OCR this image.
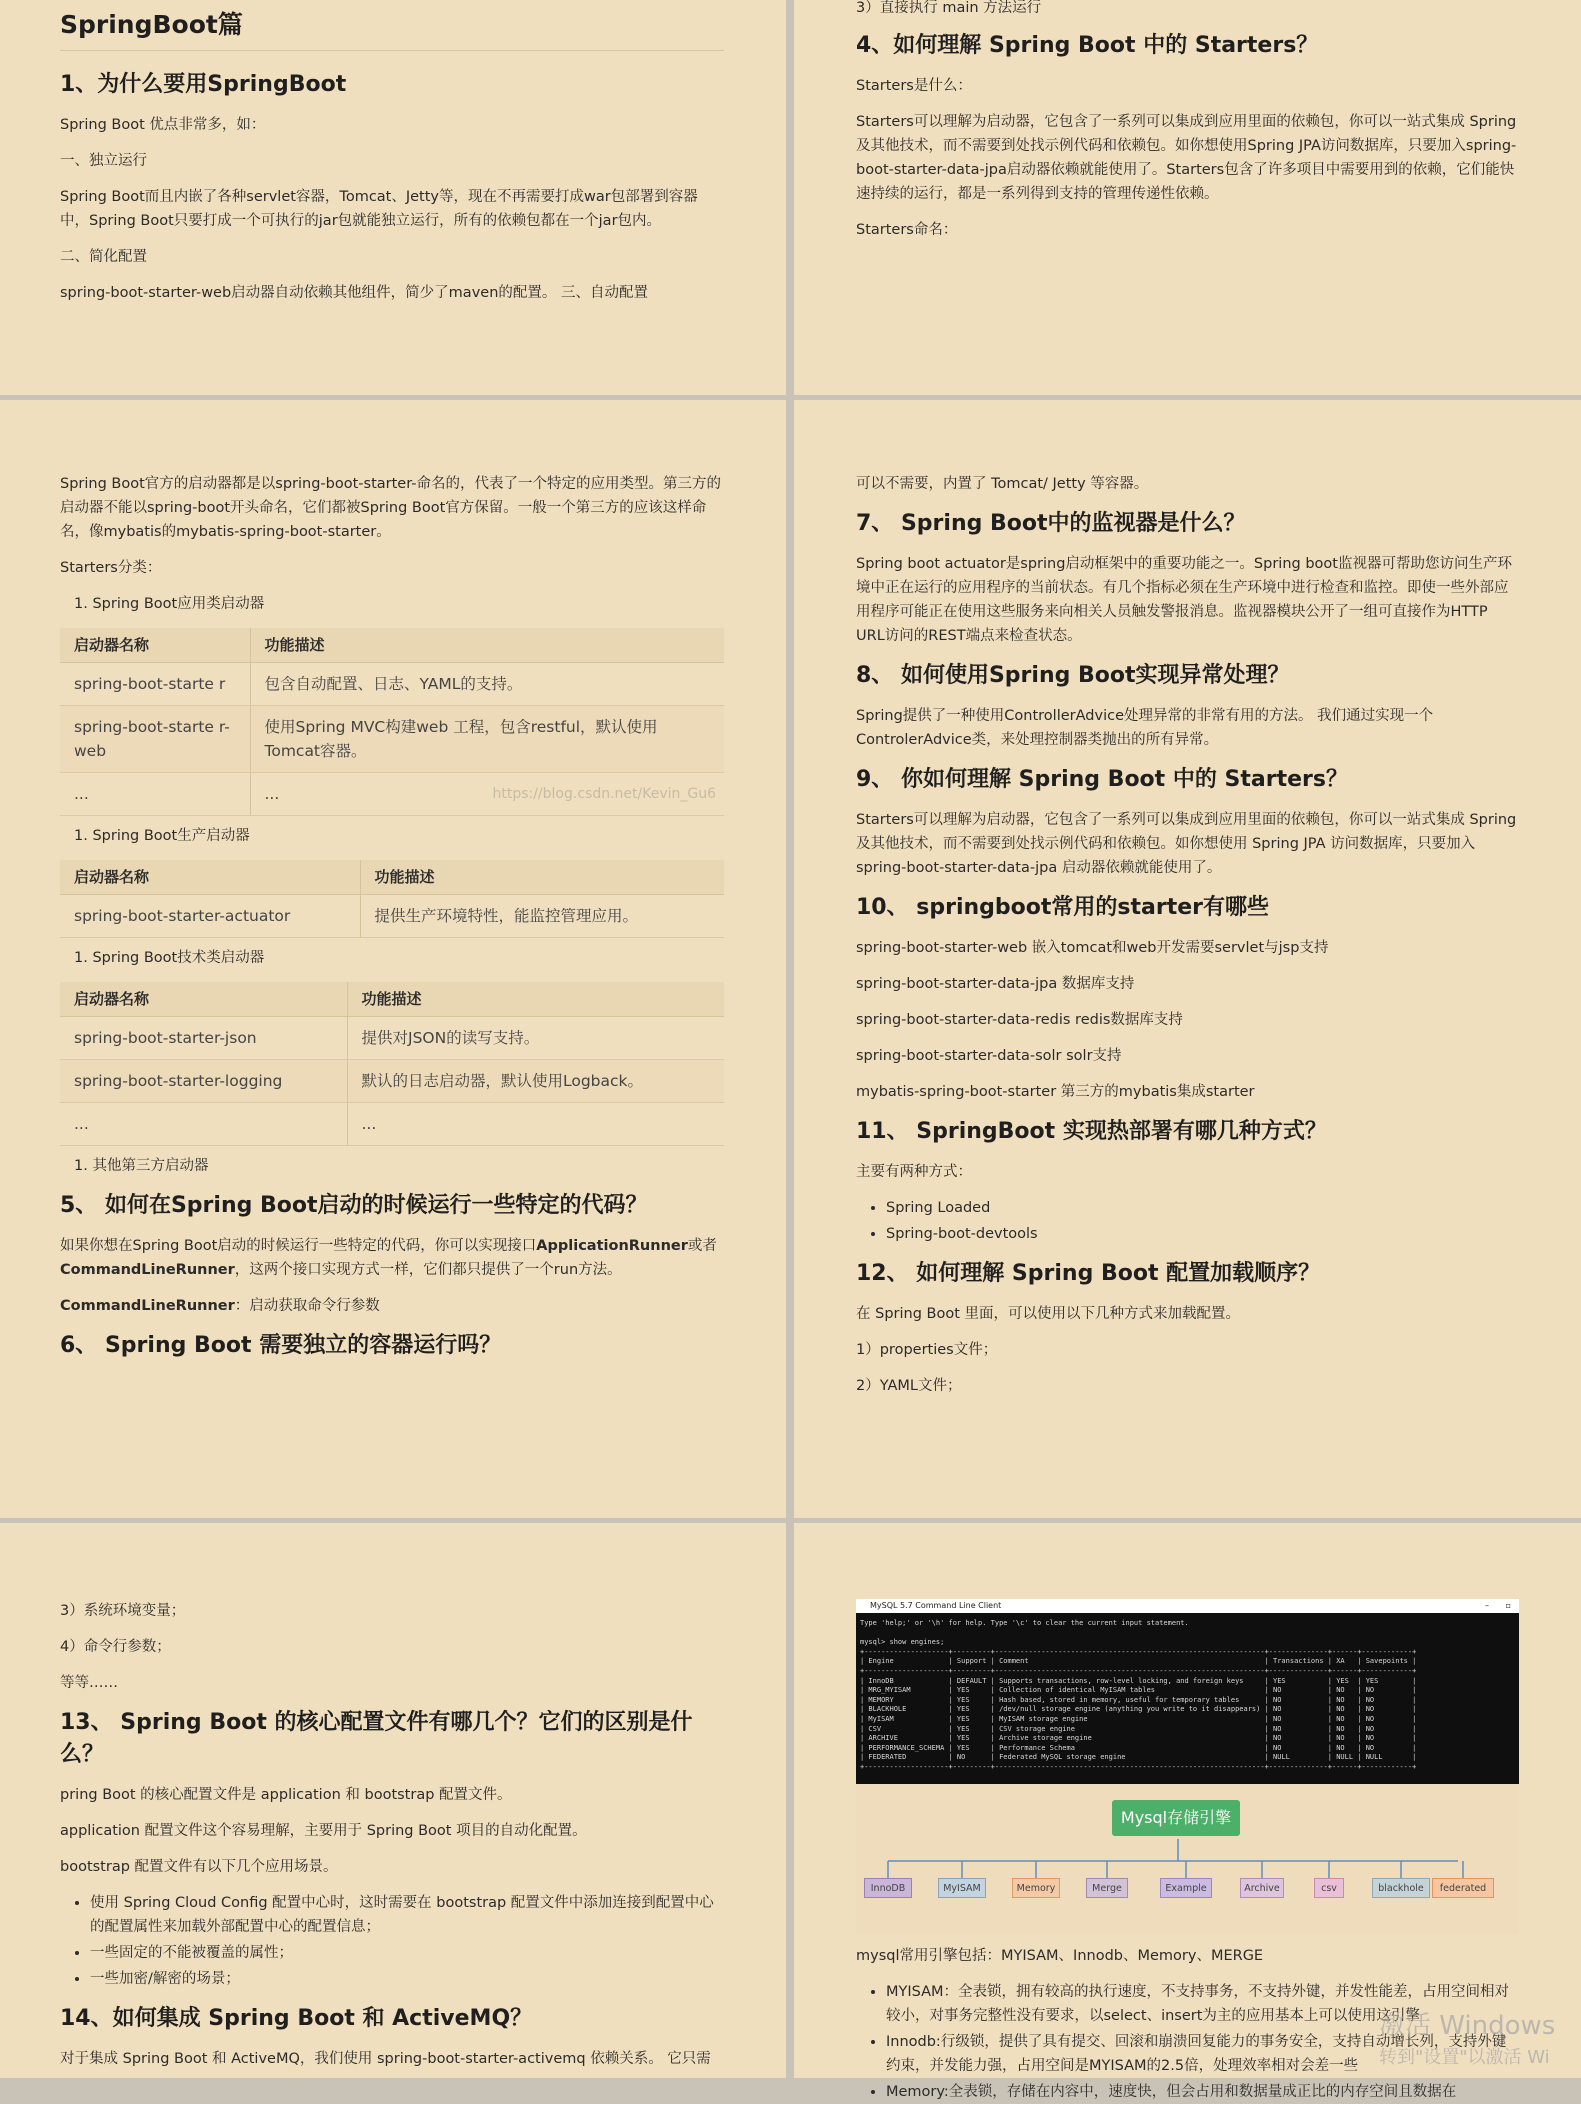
SpringBoot篇
1、为什么要用SpringBoot

Spring Boot 优点非常多，如：

一、独立运行

Spring Boot而且内嵌了各种servlet容器，Tomcat、Jetty等，现在不再需要打成war包部署到容器中，Spring Boot只要打成一个可执行的jar包就能独立运行，所有的依赖包都在一个jar包内。

二、简化配置

spring-boot-starter-web启动器自动依赖其他组件，简少了maven的配置。 三、自动配置

3）直接执行 main 方法运行

4、如何理解 Spring Boot 中的 Starters？

Starters是什么：

Starters可以理解为启动器，它包含了一系列可以集成到应用里面的依赖包，你可以一站式集成 Spring及其他技术，而不需要到处找示例代码和依赖包。如你想使用Spring JPA访问数据库，只要加入spring-boot-starter-data-jpa启动器依赖就能使用了。Starters包含了许多项目中需要用到的依赖，它们能快速持续的运行，都是一系列得到支持的管理传递性依赖。

Starters命名：

Spring Boot官方的启动器都是以spring-boot-starter-命名的，代表了一个特定的应用类型。第三方的启动器不能以spring-boot开头命名，它们都被Spring Boot官方保留。一般一个第三方的应该这样命名，像mybatis的mybatis-spring-boot-starter。

Starters分类：

1. Spring Boot应用类启动器

启动器名称	功能描述
spring-boot-starte r	包含自动配置、日志、YAML的支持。
spring-boot-starte r-web	使用Spring MVC构建web 工程，包含restful，默认使用Tomcat容器。
...	... https://blog.csdn.net/Kevin_Gu6

1. Spring Boot生产启动器

启动器名称	功能描述
spring-boot-starter-actuator	提供生产环境特性，能监控管理应用。

1. Spring Boot技术类启动器

启动器名称	功能描述
spring-boot-starter-json	提供对JSON的读写支持。
spring-boot-starter-logging	默认的日志启动器，默认使用Logback。
...	...

1. 其他第三方启动器

5、 如何在Spring Boot启动的时候运行一些特定的代码？

如果你想在Spring Boot启动的时候运行一些特定的代码，你可以实现接口ApplicationRunner或者CommandLineRunner，这两个接口实现方式一样，它们都只提供了一个run方法。

CommandLineRunner：启动获取命令行参数

6、 Spring Boot 需要独立的容器运行吗？

可以不需要，内置了 Tomcat/ Jetty 等容器。

7、 Spring Boot中的监视器是什么？

Spring boot actuator是spring启动框架中的重要功能之一。Spring boot监视器可帮助您访问生产环境中正在运行的应用程序的当前状态。有几个指标必须在生产环境中进行检查和监控。即使一些外部应用程序可能正在使用这些服务来向相关人员触发警报消息。监视器模块公开了一组可直接作为HTTP URL访问的REST端点来检查状态。

8、 如何使用Spring Boot实现异常处理？

Spring提供了一种使用ControllerAdvice处理异常的非常有用的方法。 我们通过实现一个ControlerAdvice类，来处理控制器类抛出的所有异常。

9、 你如何理解 Spring Boot 中的 Starters？

Starters可以理解为启动器，它包含了一系列可以集成到应用里面的依赖包，你可以一站式集成 Spring 及其他技术，而不需要到处找示例代码和依赖包。如你想使用 Spring JPA 访问数据库，只要加入 spring-boot-starter-data-jpa 启动器依赖就能使用了。

10、 springboot常用的starter有哪些

spring-boot-starter-web 嵌入tomcat和web开发需要servlet与jsp支持

spring-boot-starter-data-jpa 数据库支持

spring-boot-starter-data-redis redis数据库支持

spring-boot-starter-data-solr solr支持

mybatis-spring-boot-starter 第三方的mybatis集成starter

11、 SpringBoot 实现热部署有哪几种方式？

主要有两种方式：

• Spring Loaded
• Spring-boot-devtools
12、 如何理解 Spring Boot 配置加载顺序？

在 Spring Boot 里面，可以使用以下几种方式来加载配置。

1）properties文件；

2）YAML文件；

3）系统环境变量；

4）命令行参数；

等等……

13、 Spring Boot 的核心配置文件有哪几个？它们的区别是什么？

pring Boot 的核心配置文件是 application 和 bootstrap 配置文件。

application 配置文件这个容易理解，主要用于 Spring Boot 项目的自动化配置。

bootstrap 配置文件有以下几个应用场景。

• 使用 Spring Cloud Config 配置中心时，这时需要在 bootstrap 配置文件中添加连接到配置中心的配置属性来加载外部配置中心的配置信息；
• 一些固定的不能被覆盖的属性；
• 一些加密/解密的场景；
14、如何集成 Spring Boot 和 ActiveMQ？

对于集成 Spring Boot 和 ActiveMQ，我们使用 spring-boot-starter-activemq 依赖关系。 它只需

MySQL 5.7 Command Line Client	– ▫
Type 'help;' or '\h' for help. Type '\c' to clear the current input statement.

mysql> show engines;
+--------------------+---------+----------------------------------------------------------------+--------------+------+------------+
| Engine             | Support | Comment                                                        | Transactions | XA   | Savepoints |
+--------------------+---------+----------------------------------------------------------------+--------------+------+------------+
| InnoDB             | DEFAULT | Supports transactions, row-level locking, and foreign keys     | YES          | YES  | YES        |
| MRG_MYISAM         | YES     | Collection of identical MyISAM tables                          | NO           | NO   | NO         |
| MEMORY             | YES     | Hash based, stored in memory, useful for temporary tables      | NO           | NO   | NO         |
| BLACKHOLE          | YES     | /dev/null storage engine (anything you write to it disappears) | NO           | NO   | NO         |
| MyISAM             | YES     | MyISAM storage engine                                          | NO           | NO   | NO         |
| CSV                | YES     | CSV storage engine                                             | NO           | NO   | NO         |
| ARCHIVE            | YES     | Archive storage engine                                         | NO           | NO   | NO         |
| PERFORMANCE_SCHEMA | YES     | Performance Schema                                             | NO           | NO   | NO         |
| FEDERATED          | NO      | Federated MySQL storage engine                                 | NULL         | NULL | NULL       |
+--------------------+---------+----------------------------------------------------------------+--------------+------+------------+
Mysql存储引擎
InnoDB	MyISAM	Memory	Merge	Example	Archive	csv	blackhole	federated

mysql常用引擎包括：MYISAM、Innodb、Memory、MERGE

• MYISAM：全表锁，拥有较高的执行速度，不支持事务，不支持外键，并发性能差，占用空间相对较小，对事务完整性没有要求，以select、insert为主的应用基本上可以使用这引擎
• Innodb:行级锁，提供了具有提交、回滚和崩溃回复能力的事务安全，支持自动增长列，支持外键约束，并发能力强，占用空间是MYISAM的2.5倍，处理效率相对会差一些
• Memory:全表锁，存储在内容中，速度快，但会占用和数据量成正比的内存空间且数据在
激活 Windows
转到"设置"以激活 Wi
